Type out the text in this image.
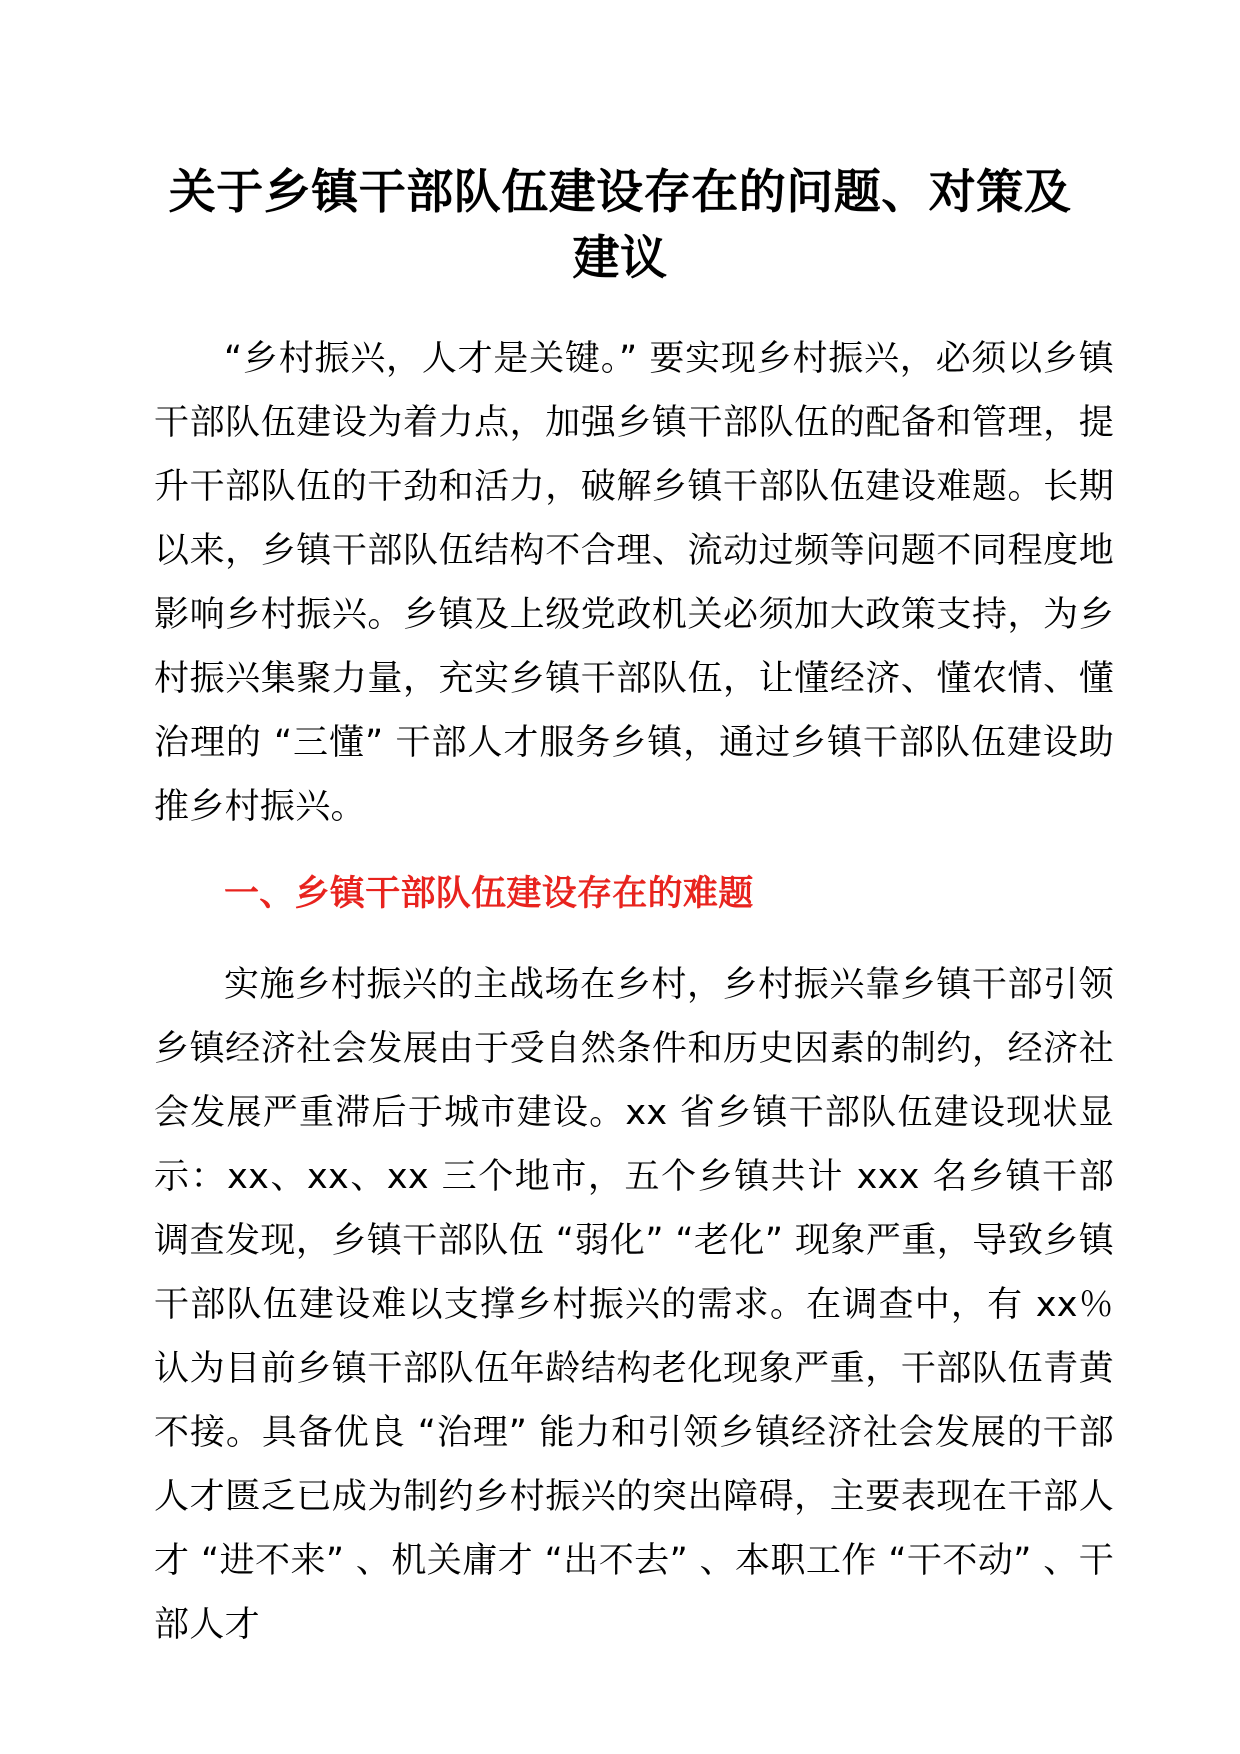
关于乡镇干部队伍建设存在的问题、对策及建议

“乡村振兴，人才是关键。” 要实现乡村振兴，必须以乡镇干部队伍建设为着力点，加强乡镇干部队伍的配备和管理，提升干部队伍的干劲和活力，破解乡镇干部队伍建设难题。长期以来，乡镇干部队伍结构不合理、流动过频等问题不同程度地影响乡村振兴。乡镇及上级党政机关必须加大政策支持，为乡村振兴集聚力量，充实乡镇干部队伍，让懂经济、懂农情、懂治理的 “三懂” 干部人才服务乡镇，通过乡镇干部队伍建设助推乡村振兴。

一、乡镇干部队伍建设存在的难题

实施乡村振兴的主战场在乡村，乡村振兴靠乡镇干部引领乡镇经济社会发展由于受自然条件和历史因素的制约，经济社会发展严重滞后于城市建设。xx 省乡镇干部队伍建设现状显示：xx、xx、xx 三个地市，五个乡镇共计 xxx 名乡镇干部调查发现，乡镇干部队伍 “弱化” “老化” 现象严重，导致乡镇干部队伍建设难以支撑乡村振兴的需求。在调查中，有 xx％认为目前乡镇干部队伍年龄结构老化现象严重，干部队伍青黄不接。具备优良 “治理” 能力和引领乡镇经济社会发展的干部人才匮乏已成为制约乡村振兴的突出障碍，主要表现在干部人才 “进不来” 、机关庸才 “出不去” 、本职工作 “干不动” 、干部人才
